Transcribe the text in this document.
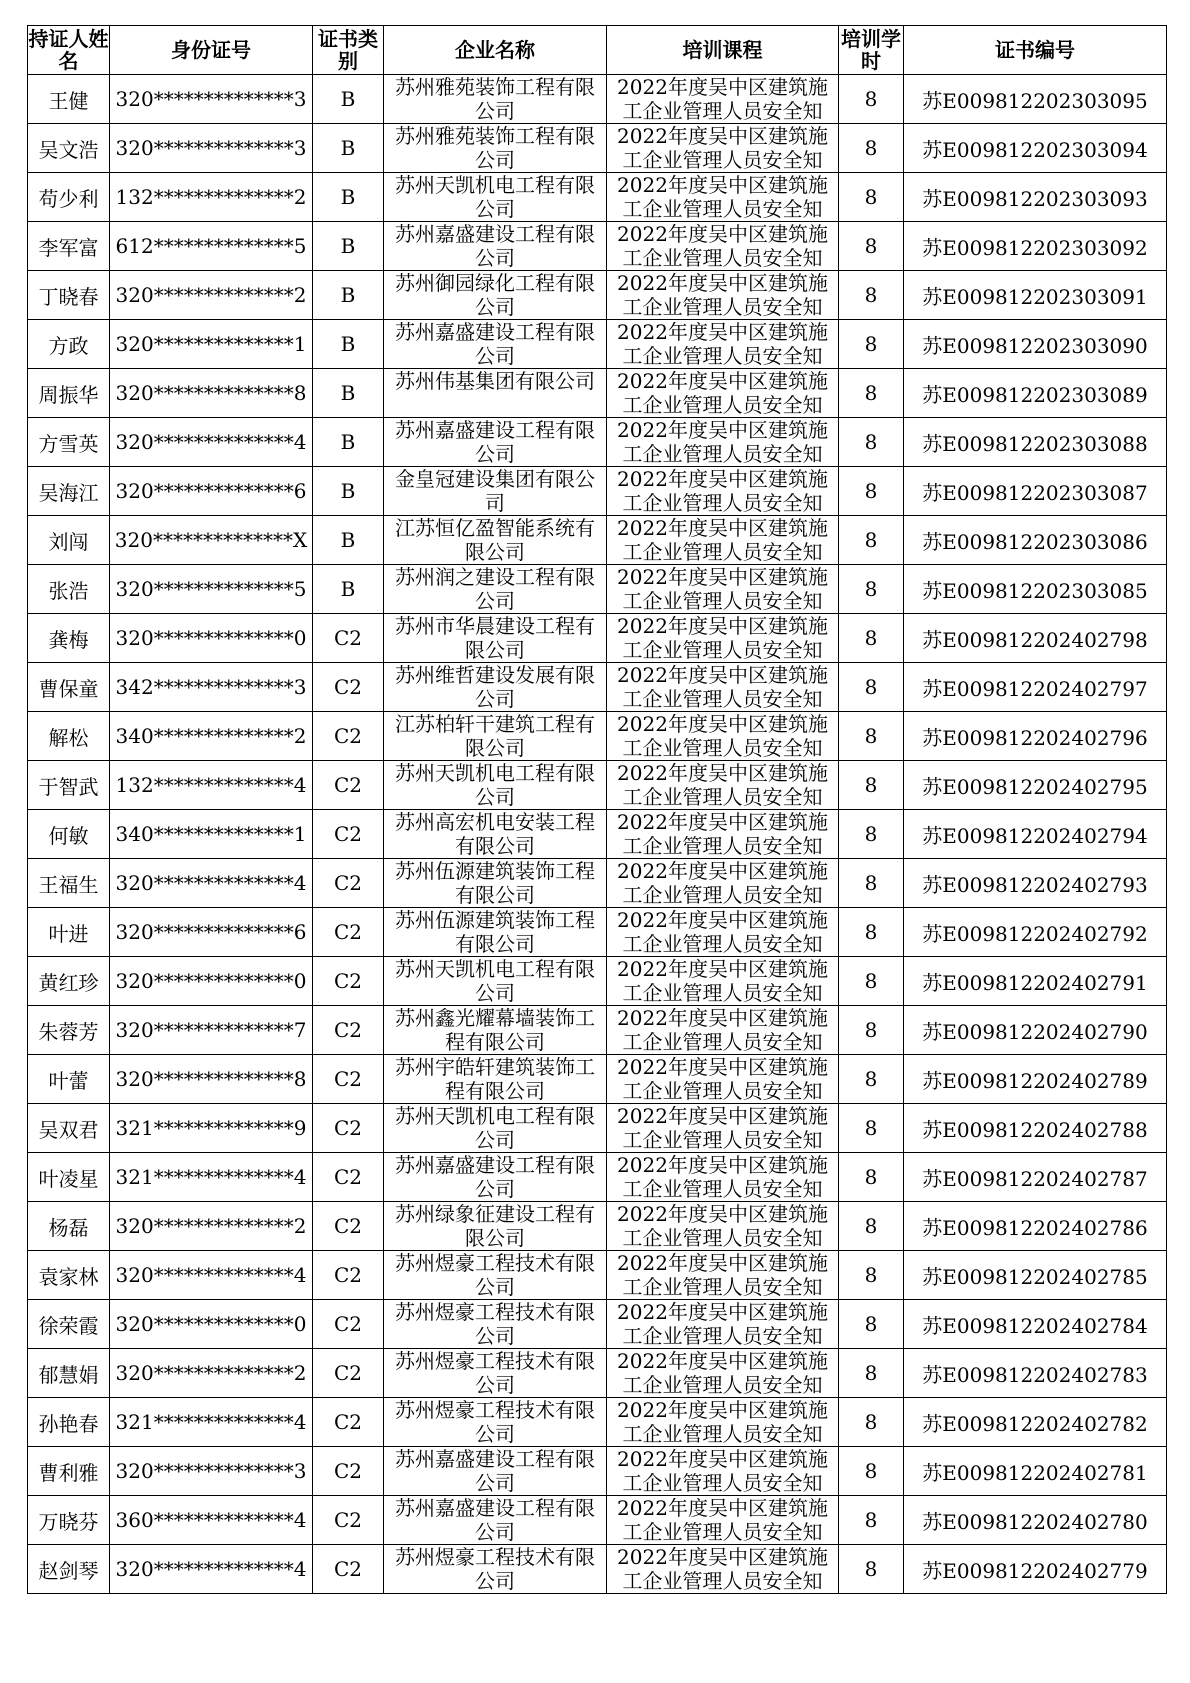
持证人姓名	身份证号	证书类别	企业名称	培训课程	培训学时	证书编号
王健	320**************3	B	苏州雅苑装饰工程有限公司	2022年度吴中区建筑施工企业管理人员安全知	8	苏E009812202303095
吴文浩	320**************3	B	苏州雅苑装饰工程有限公司	2022年度吴中区建筑施工企业管理人员安全知	8	苏E009812202303094
苟少利	132**************2	B	苏州天凯机电工程有限公司	2022年度吴中区建筑施工企业管理人员安全知	8	苏E009812202303093
李军富	612**************5	B	苏州嘉盛建设工程有限公司	2022年度吴中区建筑施工企业管理人员安全知	8	苏E009812202303092
丁晓春	320**************2	B	苏州御园绿化工程有限公司	2022年度吴中区建筑施工企业管理人员安全知	8	苏E009812202303091
方政	320**************1	B	苏州嘉盛建设工程有限公司	2022年度吴中区建筑施工企业管理人员安全知	8	苏E009812202303090
周振华	320**************8	B	苏州伟基集团有限公司	2022年度吴中区建筑施工企业管理人员安全知	8	苏E009812202303089
方雪英	320**************4	B	苏州嘉盛建设工程有限公司	2022年度吴中区建筑施工企业管理人员安全知	8	苏E009812202303088
吴海江	320**************6	B	金皇冠建设集团有限公司	2022年度吴中区建筑施工企业管理人员安全知	8	苏E009812202303087
刘闯	320**************X	B	江苏恒亿盈智能系统有限公司	2022年度吴中区建筑施工企业管理人员安全知	8	苏E009812202303086
张浩	320**************5	B	苏州润之建设工程有限公司	2022年度吴中区建筑施工企业管理人员安全知	8	苏E009812202303085
龚梅	320**************0	C2	苏州市华晨建设工程有限公司	2022年度吴中区建筑施工企业管理人员安全知	8	苏E009812202402798
曹保童	342**************3	C2	苏州维哲建设发展有限公司	2022年度吴中区建筑施工企业管理人员安全知	8	苏E009812202402797
解松	340**************2	C2	江苏柏轩干建筑工程有限公司	2022年度吴中区建筑施工企业管理人员安全知	8	苏E009812202402796
于智武	132**************4	C2	苏州天凯机电工程有限公司	2022年度吴中区建筑施工企业管理人员安全知	8	苏E009812202402795
何敏	340**************1	C2	苏州高宏机电安装工程有限公司	2022年度吴中区建筑施工企业管理人员安全知	8	苏E009812202402794
王福生	320**************4	C2	苏州伍源建筑装饰工程有限公司	2022年度吴中区建筑施工企业管理人员安全知	8	苏E009812202402793
叶进	320**************6	C2	苏州伍源建筑装饰工程有限公司	2022年度吴中区建筑施工企业管理人员安全知	8	苏E009812202402792
黄红珍	320**************0	C2	苏州天凯机电工程有限公司	2022年度吴中区建筑施工企业管理人员安全知	8	苏E009812202402791
朱蓉芳	320**************7	C2	苏州鑫光耀幕墙装饰工程有限公司	2022年度吴中区建筑施工企业管理人员安全知	8	苏E009812202402790
叶蕾	320**************8	C2	苏州宇皓轩建筑装饰工程有限公司	2022年度吴中区建筑施工企业管理人员安全知	8	苏E009812202402789
吴双君	321**************9	C2	苏州天凯机电工程有限公司	2022年度吴中区建筑施工企业管理人员安全知	8	苏E009812202402788
叶凌星	321**************4	C2	苏州嘉盛建设工程有限公司	2022年度吴中区建筑施工企业管理人员安全知	8	苏E009812202402787
杨磊	320**************2	C2	苏州绿象征建设工程有限公司	2022年度吴中区建筑施工企业管理人员安全知	8	苏E009812202402786
袁家林	320**************4	C2	苏州煜豪工程技术有限公司	2022年度吴中区建筑施工企业管理人员安全知	8	苏E009812202402785
徐荣霞	320**************0	C2	苏州煜豪工程技术有限公司	2022年度吴中区建筑施工企业管理人员安全知	8	苏E009812202402784
郁慧娟	320**************2	C2	苏州煜豪工程技术有限公司	2022年度吴中区建筑施工企业管理人员安全知	8	苏E009812202402783
孙艳春	321**************4	C2	苏州煜豪工程技术有限公司	2022年度吴中区建筑施工企业管理人员安全知	8	苏E009812202402782
曹利雅	320**************3	C2	苏州嘉盛建设工程有限公司	2022年度吴中区建筑施工企业管理人员安全知	8	苏E009812202402781
万晓芬	360**************4	C2	苏州嘉盛建设工程有限公司	2022年度吴中区建筑施工企业管理人员安全知	8	苏E009812202402780
赵剑琴	320**************4	C2	苏州煜豪工程技术有限公司	2022年度吴中区建筑施工企业管理人员安全知	8	苏E009812202402779
